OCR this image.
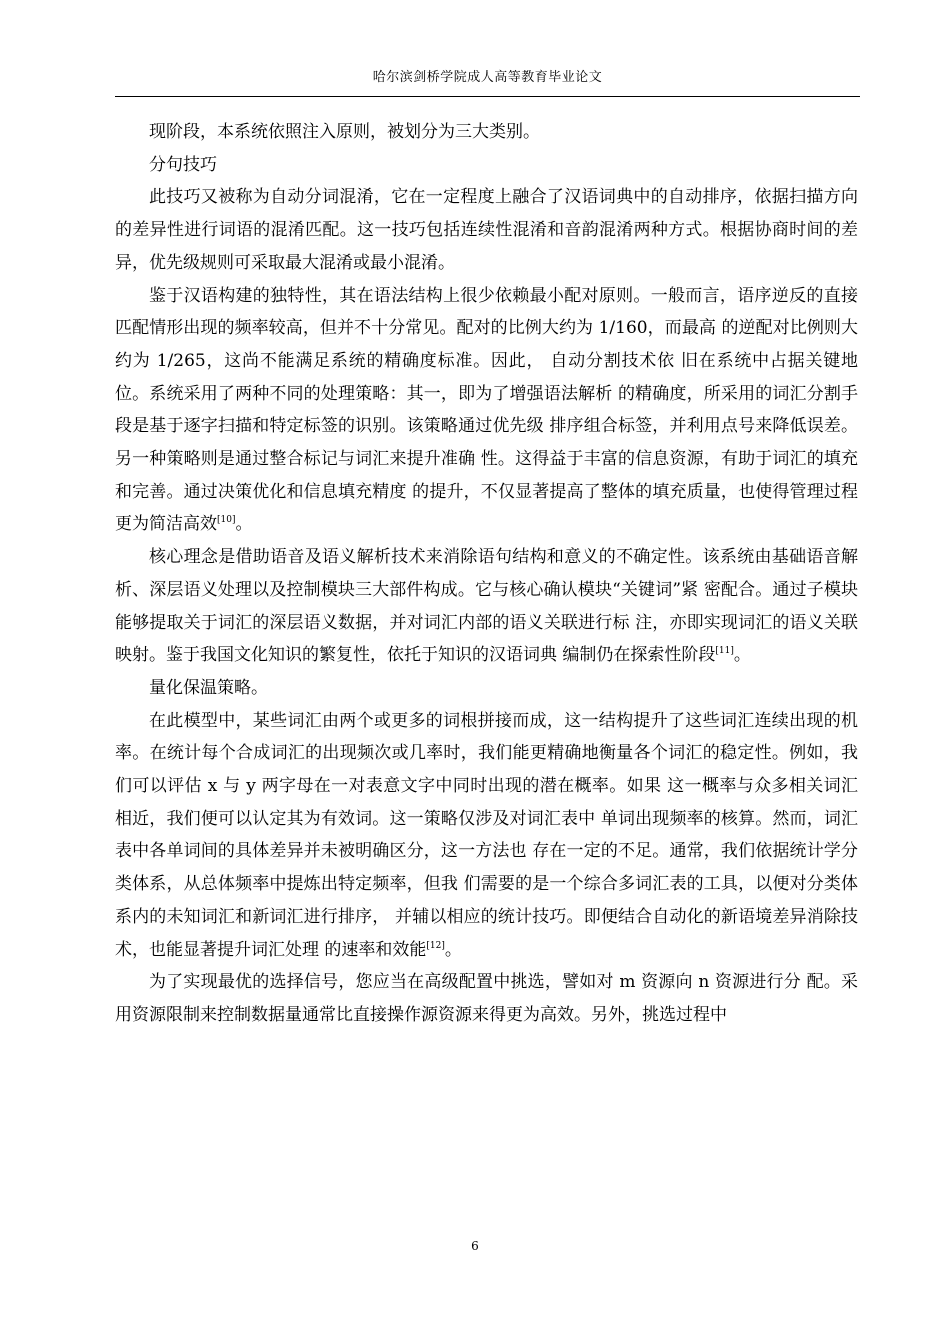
哈尔滨剑桥学院成人高等教育毕业论文

现阶段，本系统依照注入原则，被划分为三大类别。

分句技巧

此技巧又被称为自动分词混淆，它在一定程度上融合了汉语词典中的自动排序，依据扫描方向的差异性进行词语的混淆匹配。这一技巧包括连续性混淆和音韵混淆两种方式。根据协商时间的差异，优先级规则可采取最大混淆或最小混淆。

鉴于汉语构建的独特性，其在语法结构上很少依赖最小配对原则。一般而言，语序逆反的直接匹配情形出现的频率较高，但并不十分常见。配对的比例大约为 1/160，而最高 的逆配对比例则大约为 1/265，这尚不能满足系统的精确度标准。因此， 自动分割技术依 旧在系统中占据关键地位。系统采用了两种不同的处理策略：其一，即为了增强语法解析 的精确度，所采用的词汇分割手段是基于逐字扫描和特定标签的识别。该策略通过优先级 排序组合标签，并利用点号来降低误差。另一种策略则是通过整合标记与词汇来提升准确 性。这得益于丰富的信息资源，有助于词汇的填充和完善。通过决策优化和信息填充精度 的提升，不仅显著提高了整体的填充质量，也使得管理过程更为简洁高效[10]。

核心理念是借助语音及语义解析技术来消除语句结构和意义的不确定性。该系统由基础语音解析、深层语义处理以及控制模块三大部件构成。它与核心确认模块“关键词”紧 密配合。通过子模块能够提取关于词汇的深层语义数据，并对词汇内部的语义关联进行标 注，亦即实现词汇的语义关联映射。鉴于我国文化知识的繁复性，依托于知识的汉语词典 编制仍在探索性阶段[11]。

量化保温策略。

在此模型中，某些词汇由两个或更多的词根拼接而成，这一结构提升了这些词汇连续出现的机率。在统计每个合成词汇的出现频次或几率时，我们能更精确地衡量各个词汇的稳定性。例如，我们可以评估 x 与 y 两字母在一对表意文字中同时出现的潜在概率。如果 这一概率与众多相关词汇相近，我们便可以认定其为有效词。这一策略仅涉及对词汇表中 单词出现频率的核算。然而，词汇表中各单词间的具体差异并未被明确区分，这一方法也 存在一定的不足。通常，我们依据统计学分类体系，从总体频率中提炼出特定频率，但我 们需要的是一个综合多词汇表的工具，以便对分类体系内的未知词汇和新词汇进行排序， 并辅以相应的统计技巧。即便结合自动化的新语境差异消除技术，也能显著提升词汇处理 的速率和效能[12]。

为了实现最优的选择信号，您应当在高级配置中挑选，譬如对 m 资源向 n 资源进行分 配。采用资源限制来控制数据量通常比直接操作源资源来得更为高效。另外，挑选过程中

6
